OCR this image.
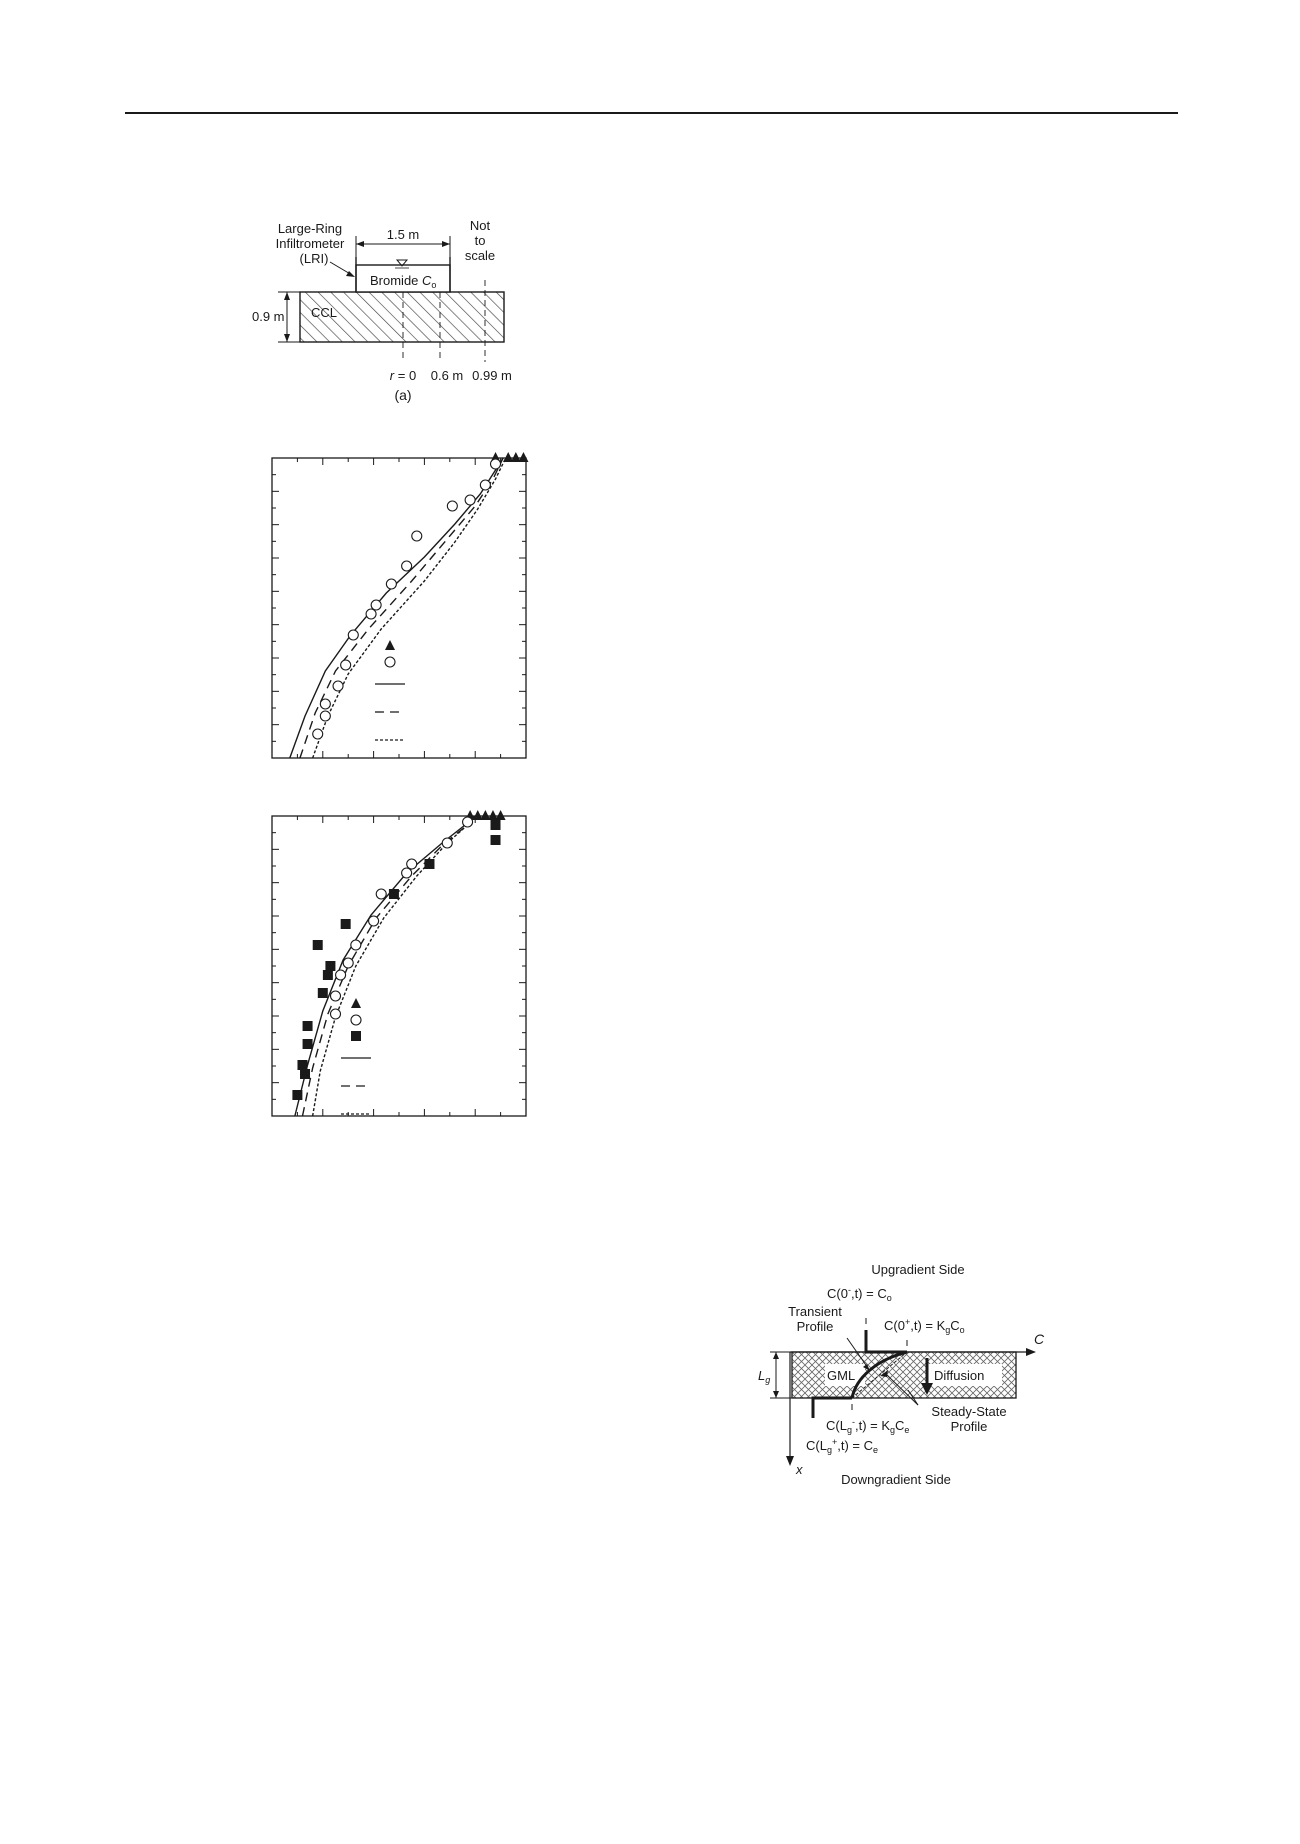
Large-Ring
Infiltrometer
(LRI)
1.5 m
Not
to
scale
Bromide $C_o$
CCL
0.9 m
r = 0 0.6 m 0.99 m
(a)
Upgradient Side
Downgradient Side
$C(0^-,t) = C_o$
$C(0^+,t) = K_gC_o$
Transient
Profile
C
x
$L_g$	GML	Diffusion
Steady-State
Profile
$C(L_g^-,t) = K_gC_e$
$C(L_g^+,t) = C_e$
